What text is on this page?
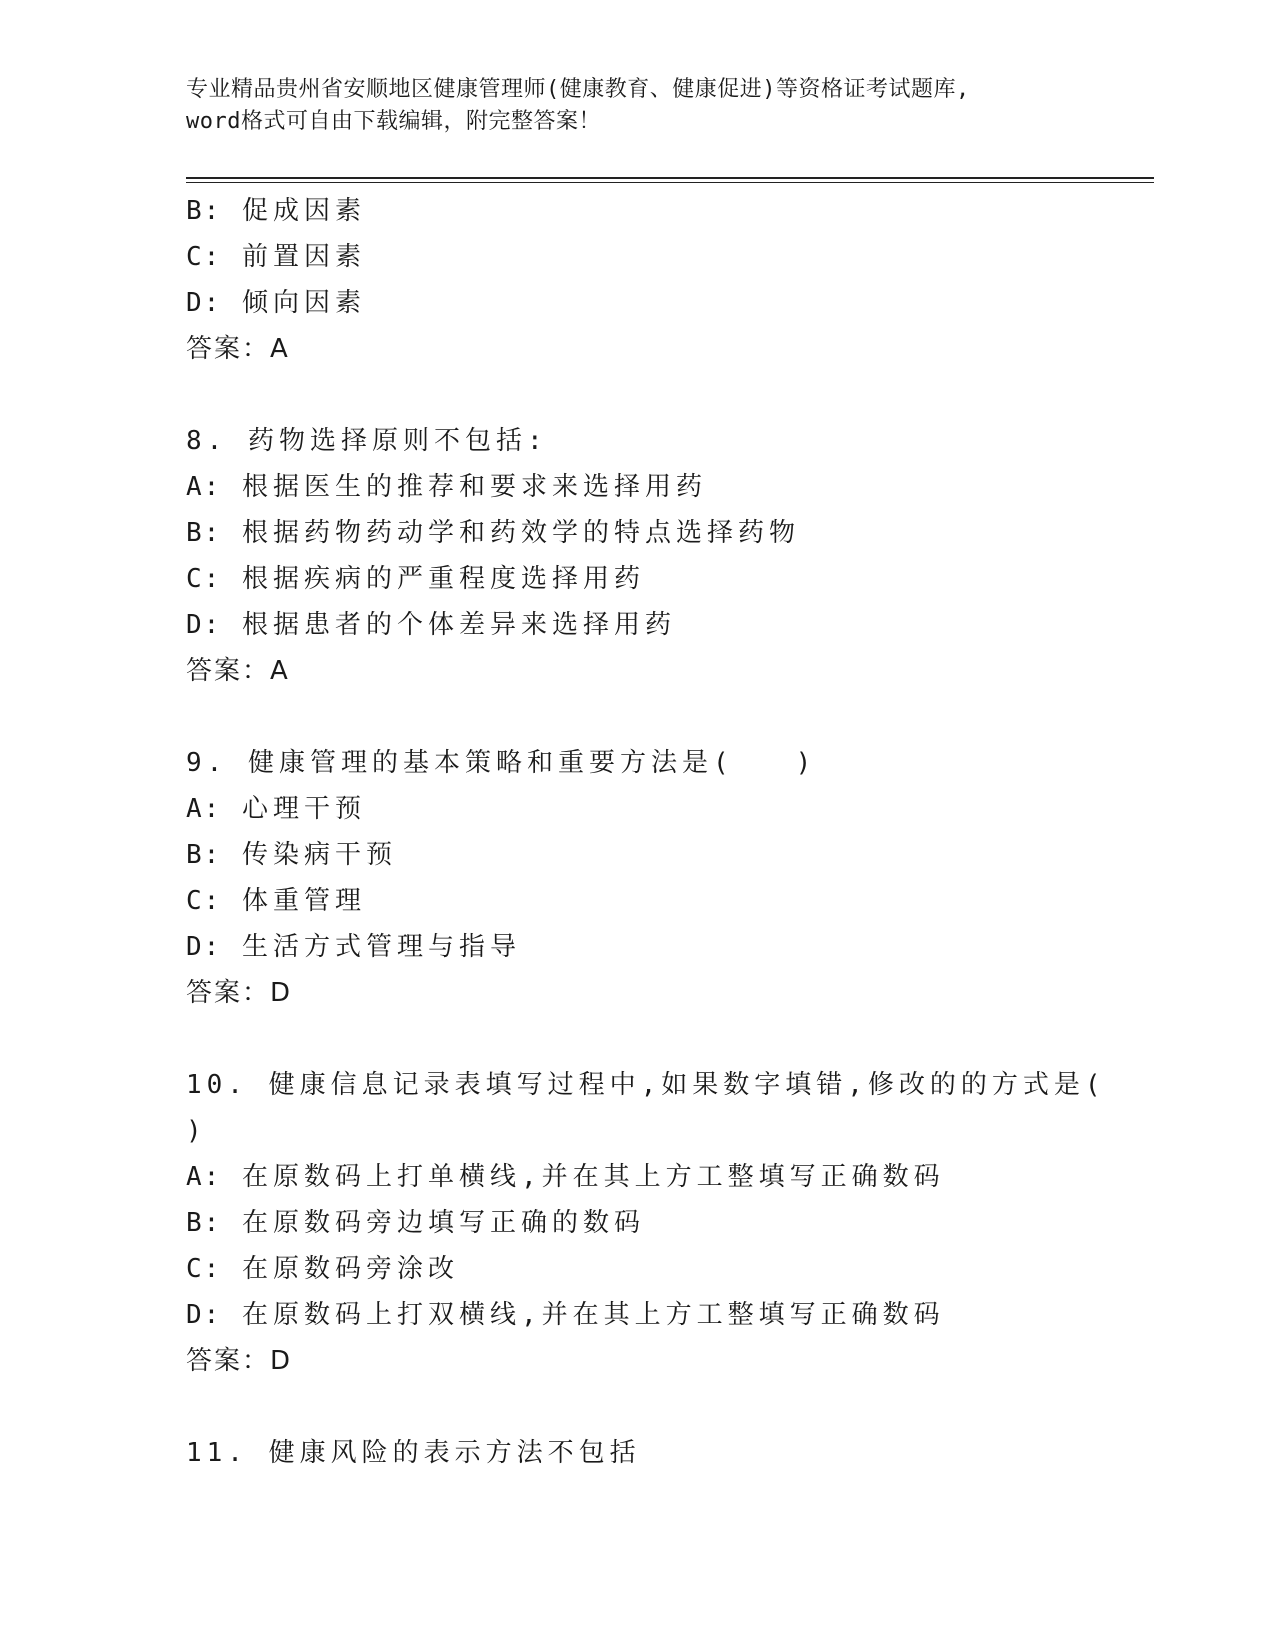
专业精品贵州省安顺地区健康管理师(健康教育、健康促进)等资格证考试题库,
word格式可自由下载编辑，附完整答案！
B: 促成因素
C: 前置因素
D: 倾向因素
答案：A
8. 药物选择原则不包括:
A: 根据医生的推荐和要求来选择用药
B: 根据药物药动学和药效学的特点选择药物
C: 根据疾病的严重程度选择用药
D: 根据患者的个体差异来选择用药
答案：A
9. 健康管理的基本策略和重要方法是(　　)
A: 心理干预
B: 传染病干预
C: 体重管理
D: 生活方式管理与指导
答案：D
10. 健康信息记录表填写过程中,如果数字填错,修改的的方式是(
)
A: 在原数码上打单横线,并在其上方工整填写正确数码
B: 在原数码旁边填写正确的数码
C: 在原数码旁涂改
D: 在原数码上打双横线,并在其上方工整填写正确数码
答案：D
11. 健康风险的表示方法不包括
